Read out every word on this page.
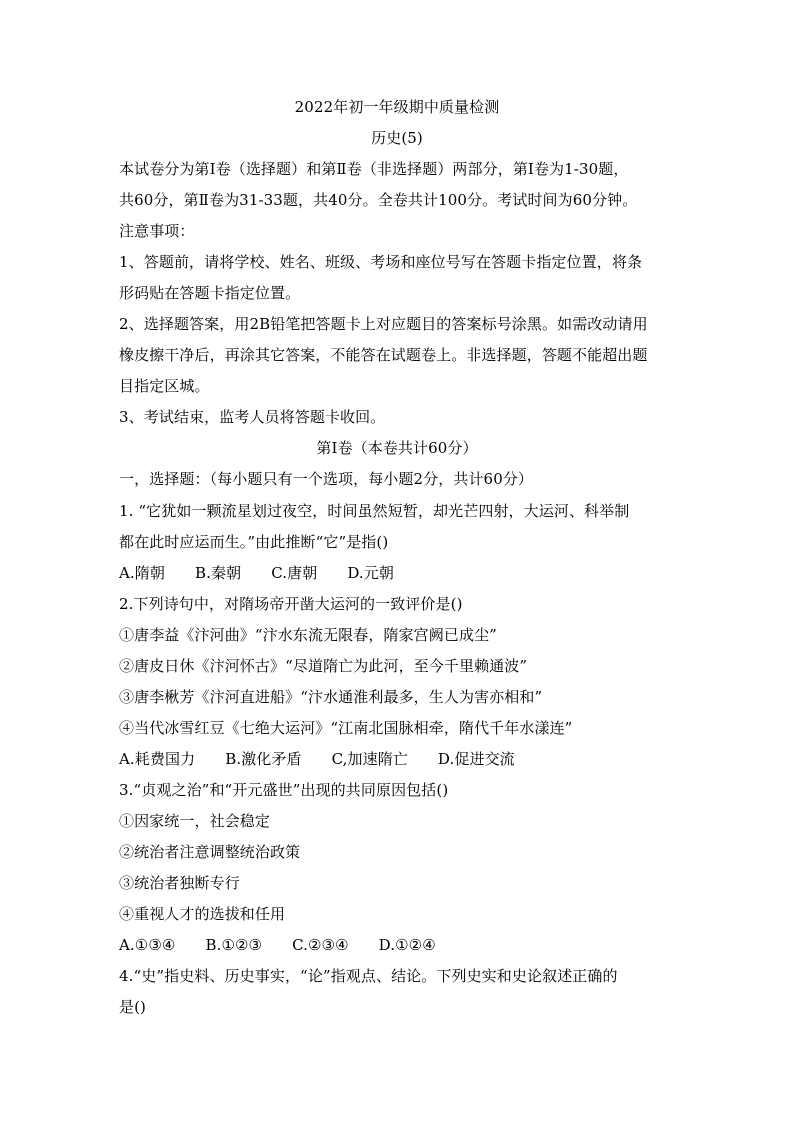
2022年初一年级期中质量检测
历史(5)
本试卷分为第Ⅰ卷（选择题）和第Ⅱ卷（非选择题）两部分，第Ⅰ卷为1-30题，
共60分，第Ⅱ卷为31-33题，共40分。全卷共计100分。考试时间为60分钟。
注意事项：
1、答题前，请将学校、姓名、班级、考场和座位号写在答题卡指定位置，将条
形码贴在答题卡指定位置。
2、选择题答案，用2B铅笔把答题卡上对应题目的答案标号涂黑。如需改动请用
橡皮擦干净后，再涂其它答案，不能答在试题卷上。非选择题，答题不能超出题
目指定区城。
3、考试结束，监考人员将答题卡收回。
第Ⅰ卷（本卷共计60分）
一，选择题：（每小题只有一个选项，每小题2分，共计60分）
1. “它犹如一颗流星划过夜空，时间虽然短暂，却光芒四射，大运河、科举制
都在此时应运而生。”由此推断“它”是指()
A.隋朝 B.秦朝 C.唐朝 D.元朝
2.下列诗句中，对隋场帝开凿大运河的一致评价是()
①唐李益《汴河曲》“汴水东流无限春，隋家宫阙已成尘”
②唐皮日休《汴河怀古》“尽道隋亡为此河，至今千里赖通波”
③唐李楸芳《汴河直进船》“汴水通淮利最多，生人为害亦相和”
④当代冰雪红豆《七绝大运河》“江南北国脉相牵，隋代千年水漾连”
A.耗费国力 B.激化矛盾 C,加速隋亡 D.促进交流
3.“贞观之治”和“开元盛世”出现的共同原因包括()
①因家统一，社会稳定
②统治者注意调整统治政策
③统治者独断专行
④重视人才的选拔和任用
A.①③④ B.①②③ C.②③④ D.①②④
4.“史”指史料、历史事实，“论”指观点、结论。下列史实和史论叙述正确的
是()
